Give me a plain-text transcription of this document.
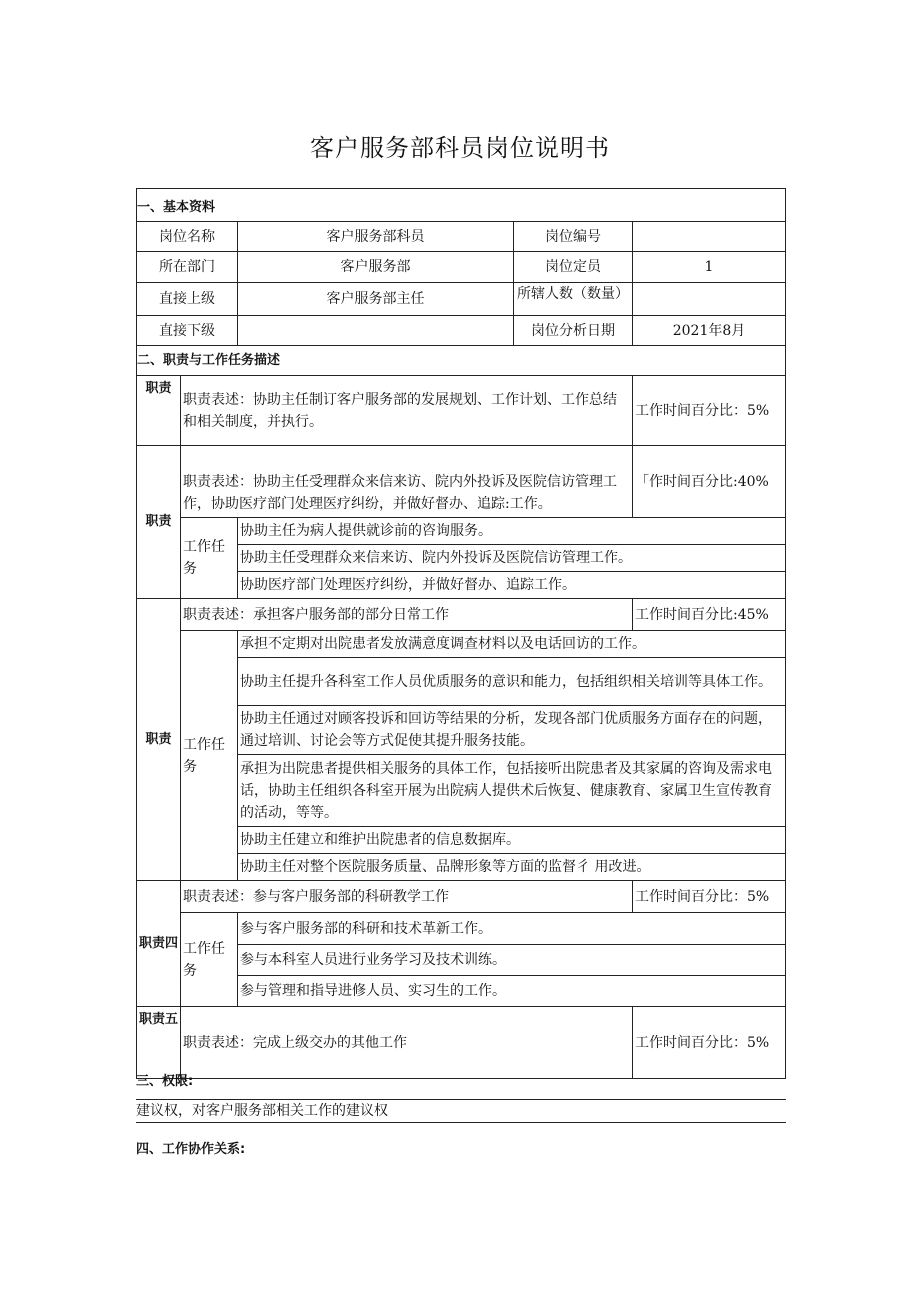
客户服务部科员岗位说明书
一、基本资料				
岗位名称		客户服务部科员	岗位编号	
所在部门		客户服务部	岗位定员	1
直接上级		客户服务部主任	所辖人数（数量）	

直接下级			岗位分析日期	2021年8月
二、职责与工作任务描述				
职责	职责表述：协助主任制订客户服务部的发展规划、工作计划、工作总结和相关制度，并执行。			工作时间百分比：5%
职责	职责表述：协助主任受理群众来信来访、院内外投诉及医院信访管理工作，协助医疗部门处理医疗纠纷，并做好督办、追踪:工作。			「作时间百分比:40%
	工作任务	协助主任为病人提供就诊前的咨询服务。		
		协助主任受理群众来信来访、院内外投诉及医院信访管理工作。		
		协助医疗部门处理医疗纠纷，并做好督办、追踪工作。		
职责	职责表述：承担客户服务部的部分日常工作			工作时间百分比:45%
	工作任务	承担不定期对出院患者发放满意度调查材料以及电话回访的工作。		
		协助主任提升各科室工作人员优质服务的意识和能力，包括组织相关培训等具体工作。		
		协助主任通过对顾客投诉和回访等结果的分析，发现各部门优质服务方面存在的问题，通过培训、讨论会等方式促使其提升服务技能。		
		承担为出院患者提供相关服务的具体工作，包括接听出院患者及其家属的咨询及需求电话，协助主任组织各科室开展为出院病人提供术后恢复、健康教育、家属卫生宣传教育的活动，等等。		
		协助主任建立和维护出院患者的信息数据库。		
		协助主任对整个医院服务质量、品牌形象等方面的监督彳 用改进。		
职责四	职责表述：参与客户服务部的科研教学工作			工作时间百分比：5%
	工作任务	参与客户服务部的科研和技术革新工作。		
		参与本科室人员进行业务学习及技术训练。		
		参与管理和指导进修人员、实习生的工作。		
职责五	职责表述：完成上级交办的其他工作			工作时间百分比：5%
三、权限:
建议权，对客户服务部相关工作的建议权
四、工作协作关系:
